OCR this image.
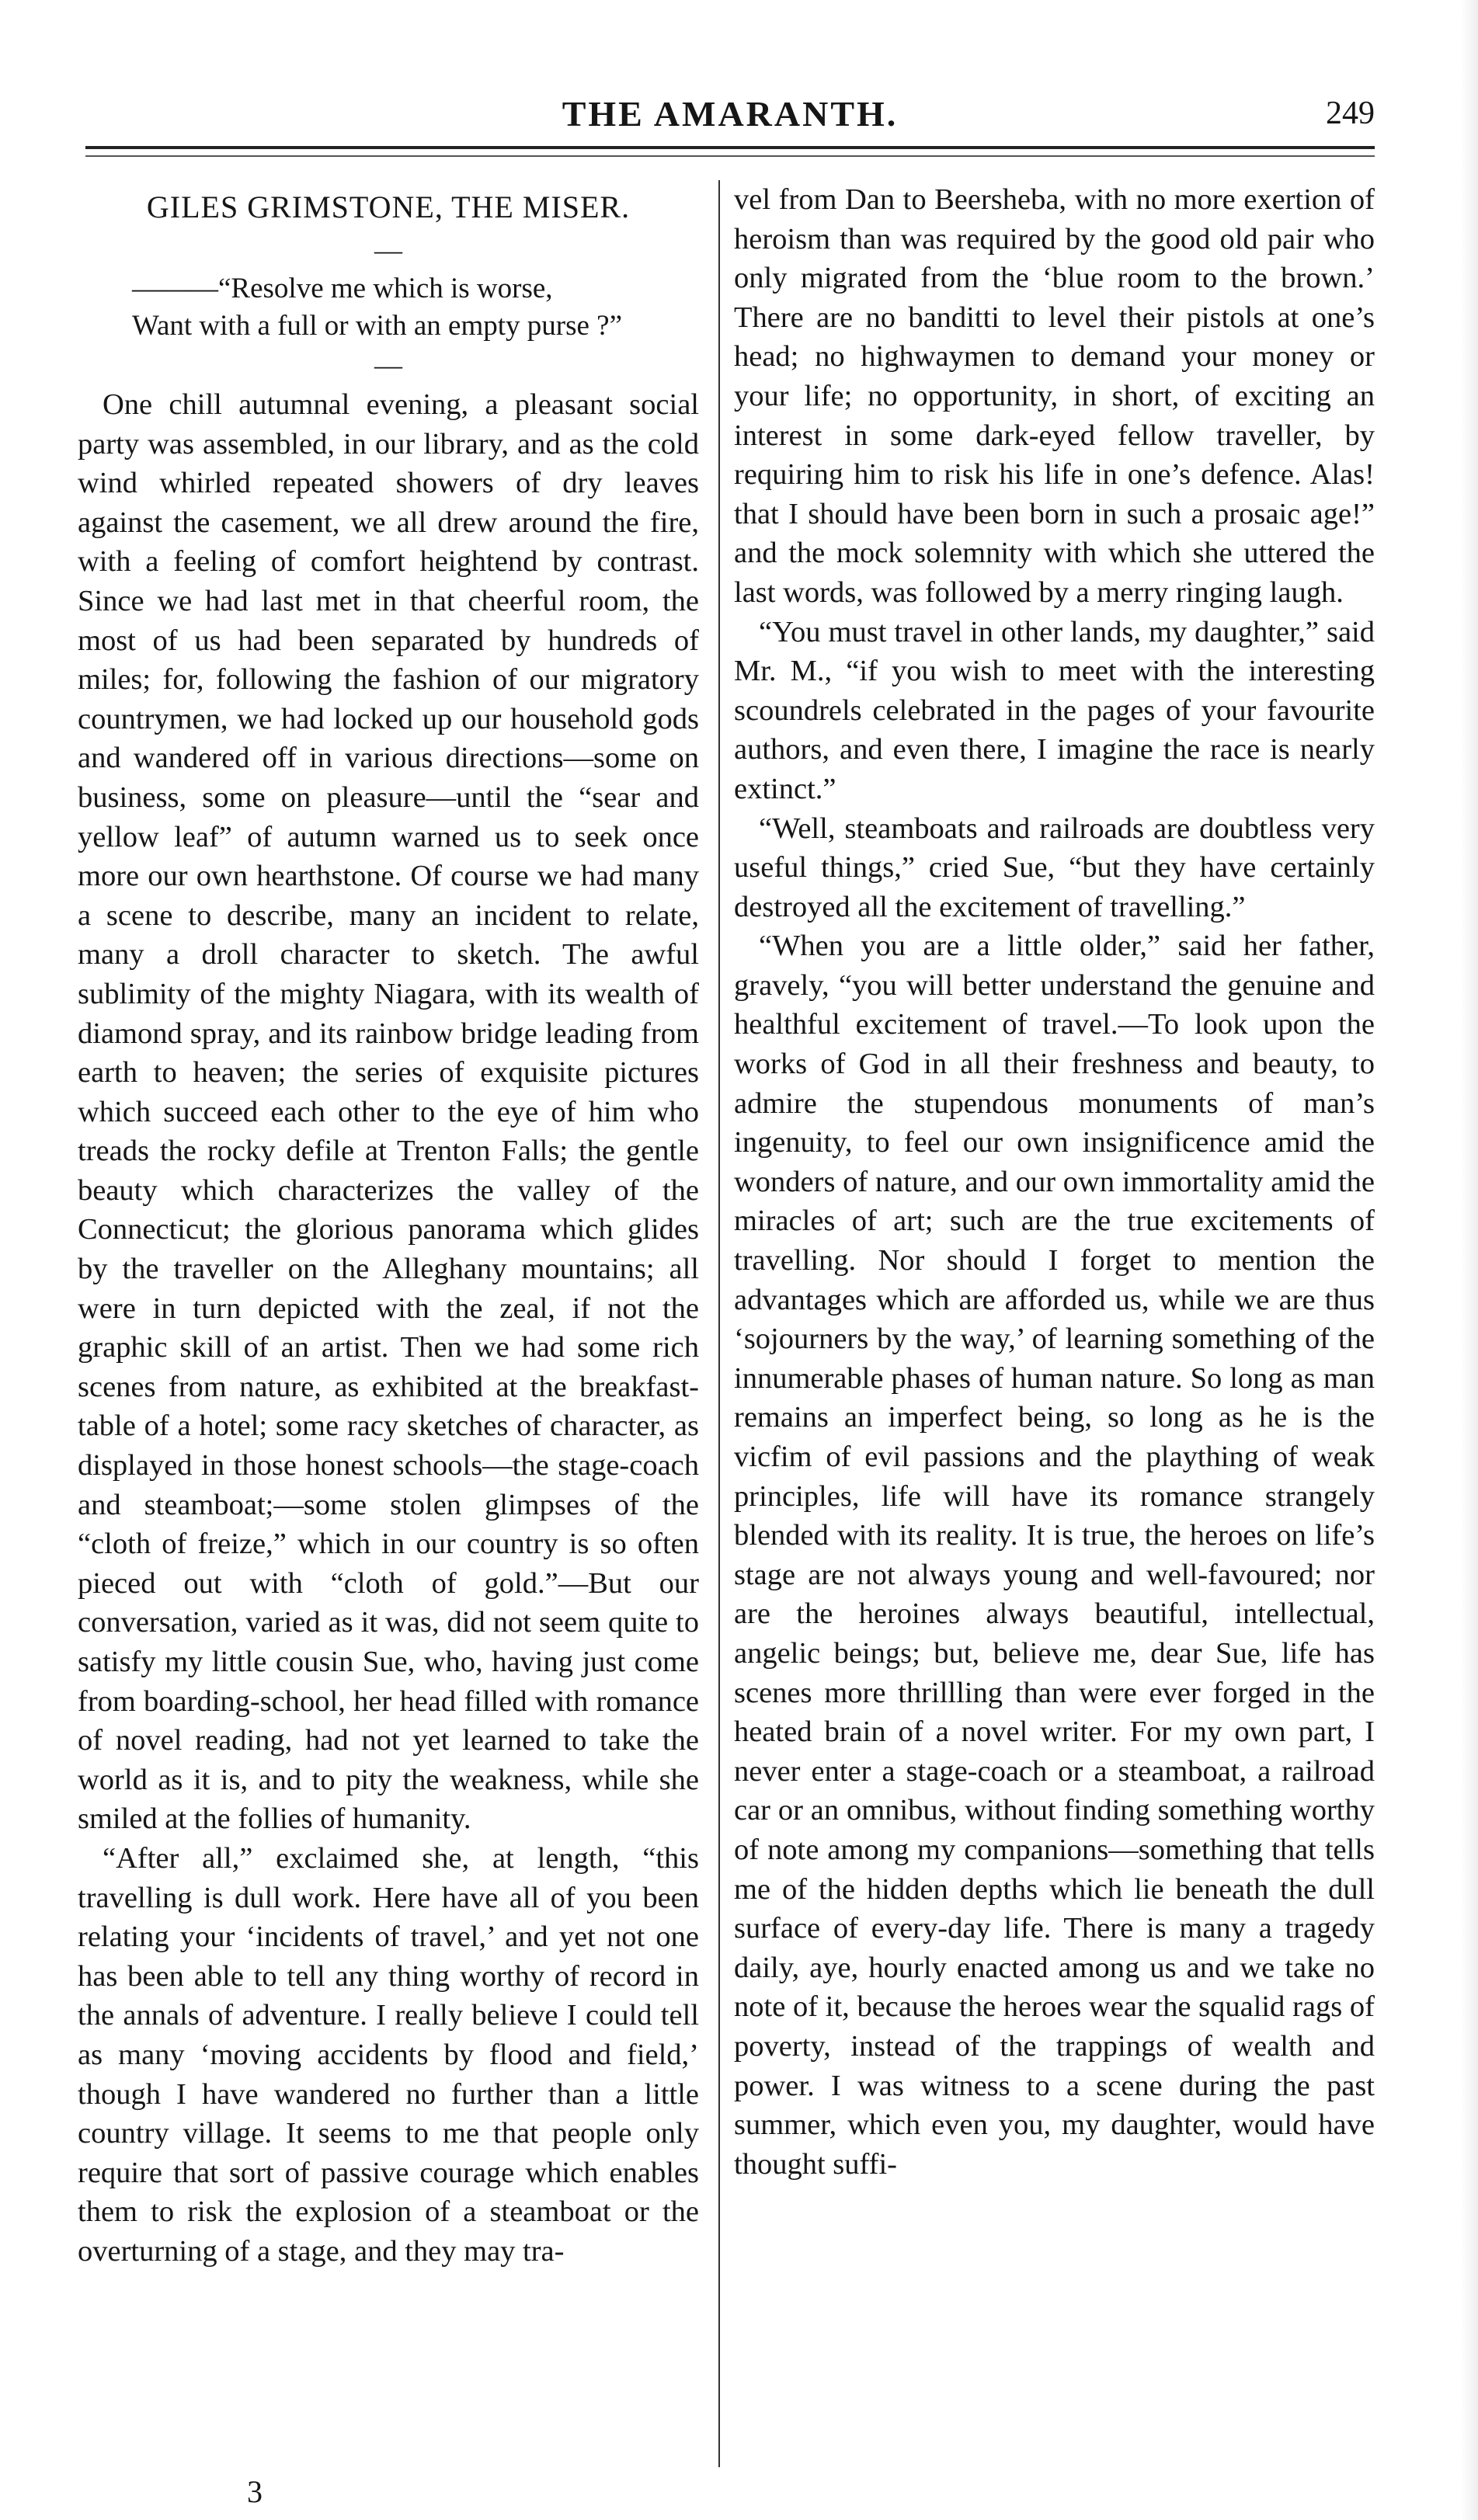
THE AMARANTH.	249
GILES GRIMSTONE, THE MISER.
—
———“Resolve me which is worse,
Want with a full or with an empty purse ?”
—

One chill autumnal evening, a pleasant social party was assembled, in our library, and as the cold wind whirled repeated showers of dry leaves against the casement, we all drew around the fire, with a feeling of comfort heightend by contrast. Since we had last met in that cheerful room, the most of us had been separated by hundreds of miles; for, following the fashion of our migratory countrymen, we had locked up our household gods and wandered off in various directions—some on business, some on pleasure—until the “sear and yellow leaf” of autumn warned us to seek once more our own hearthstone. Of course we had many a scene to describe, many an incident to relate, many a droll character to sketch. The awful sublimity of the mighty Niagara, with its wealth of diamond spray, and its rainbow bridge leading from earth to heaven; the series of exquisite pictures which succeed each other to the eye of him who treads the rocky defile at Trenton Falls; the gentle beauty which characterizes the valley of the Connecticut; the glorious panorama which glides by the traveller on the Alleghany mountains; all were in turn depicted with the zeal, if not the graphic skill of an artist. Then we had some rich scenes from nature, as exhibited at the breakfast-table of a hotel; some racy sketches of character, as displayed in those honest schools—the stage-coach and steamboat;—some stolen glimpses of the “cloth of freize,” which in our country is so often pieced out with “cloth of gold.”—But our conversation, varied as it was, did not seem quite to satisfy my little cousin Sue, who, having just come from boarding-school, her head filled with romance of novel reading, had not yet learned to take the world as it is, and to pity the weakness, while she smiled at the follies of humanity.

“After all,” exclaimed she, at length, “this travelling is dull work. Here have all of you been relating your ‘incidents of travel,’ and yet not one has been able to tell any thing worthy of record in the annals of adventure. I really believe I could tell as many ‘moving accidents by flood and field,’ though I have wandered no further than a little country village. It seems to me that people only require that sort of passive courage which enables them to risk the explosion of a steamboat or the overturning of a stage, and they may tra-

vel from Dan to Beersheba, with no more exertion of heroism than was required by the good old pair who only migrated from the ‘blue room to the brown.’ There are no banditti to level their pistols at one’s head; no highwaymen to demand your money or your life; no opportunity, in short, of exciting an interest in some dark-eyed fellow traveller, by requiring him to risk his life in one’s defence. Alas! that I should have been born in such a prosaic age!” and the mock solemnity with which she uttered the last words, was followed by a merry ringing laugh.

“You must travel in other lands, my daughter,” said Mr. M., “if you wish to meet with the interesting scoundrels celebrated in the pages of your favourite authors, and even there, I imagine the race is nearly extinct.”

“Well, steamboats and railroads are doubtless very useful things,” cried Sue, “but they have certainly destroyed all the excitement of travelling.”

“When you are a little older,” said her father, gravely, “you will better understand the genuine and healthful excitement of travel.—To look upon the works of God in all their freshness and beauty, to admire the stupendous monuments of man’s ingenuity, to feel our own insignificence amid the wonders of nature, and our own immortality amid the miracles of art; such are the true excitements of travelling. Nor should I forget to mention the advantages which are afforded us, while we are thus ‘sojourners by the way,’ of learning something of the innumerable phases of human nature. So long as man remains an imperfect being, so long as he is the vicfim of evil passions and the plaything of weak principles, life will have its romance strangely blended with its reality. It is true, the heroes on life’s stage are not always young and well-favoured; nor are the heroines always beautiful, intellectual, angelic beings; but, believe me, dear Sue, life has scenes more thrillling than were ever forged in the heated brain of a novel writer. For my own part, I never enter a stage-coach or a steamboat, a railroad car or an omnibus, without finding something worthy of note among my companions—something that tells me of the hidden depths which lie beneath the dull surface of every-day life. There is many a tragedy daily, aye, hourly enacted among us and we take no note of it, because the heroes wear the squalid rags of poverty, instead of the trappings of wealth and power. I was witness to a scene during the past summer, which even you, my daughter, would have thought suffi-

3
